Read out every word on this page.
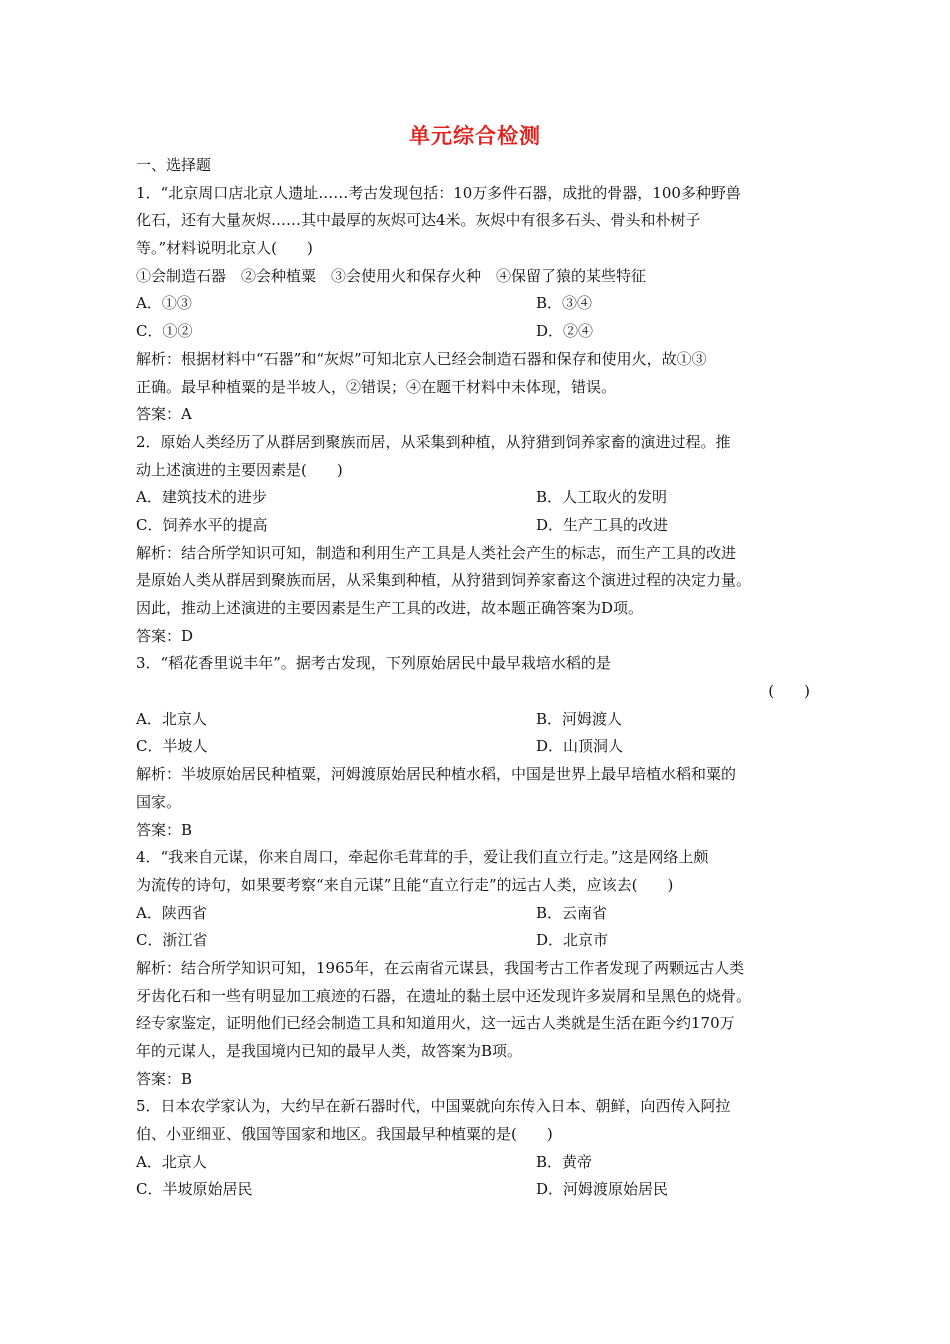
单元综合检测
一、选择题
1．“北京周口店北京人遗址……考古发现包括：10万多件石器，成批的骨器，100多种野兽
化石，还有大量灰烬……其中最厚的灰烬可达4米。灰烬中有很多石头、骨头和朴树子
等。”材料说明北京人(　　)
①会制造石器　②会种植粟　③会使用火和保存火种　④保留了猿的某些特征
A．①③	B．③④
C．①②	D．②④
解析：根据材料中“石器”和“灰烬”可知北京人已经会制造石器和保存和使用火，故①③
正确。最早种植粟的是半坡人，②错误；④在题干材料中未体现，错误。
答案：A
2．原始人类经历了从群居到聚族而居，从采集到种植，从狩猎到饲养家畜的演进过程。推
动上述演进的主要因素是(　　)
A．建筑技术的进步	B．人工取火的发明
C．饲养水平的提高	D．生产工具的改进
解析：结合所学知识可知，制造和利用生产工具是人类社会产生的标志，而生产工具的改进
是原始人类从群居到聚族而居，从采集到种植，从狩猎到饲养家畜这个演进过程的决定力量。
因此，推动上述演进的主要因素是生产工具的改进，故本题正确答案为D项。
答案：D
3．“稻花香里说丰年”。据考古发现，下列原始居民中最早栽培水稻的是
(　　)
A．北京人	B．河姆渡人
C．半坡人	D．山顶洞人
解析：半坡原始居民种植粟，河姆渡原始居民种植水稻，中国是世界上最早培植水稻和粟的
国家。
答案：B
4．“我来自元谋，你来自周口，牵起你毛茸茸的手，爱让我们直立行走。”这是网络上颇
为流传的诗句，如果要考察“来自元谋”且能“直立行走”的远古人类，应该去(　　)
A．陕西省	B．云南省
C．浙江省	D．北京市
解析：结合所学知识可知，1965年，在云南省元谋县，我国考古工作者发现了两颗远古人类
牙齿化石和一些有明显加工痕迹的石器，在遗址的黏土层中还发现许多炭屑和呈黑色的烧骨。
经专家鉴定，证明他们已经会制造工具和知道用火，这一远古人类就是生活在距今约170万
年的元谋人，是我国境内已知的最早人类，故答案为B项。
答案：B
5．日本农学家认为，大约早在新石器时代，中国粟就向东传入日本、朝鲜，向西传入阿拉
伯、小亚细亚、俄国等国家和地区。我国最早种植粟的是(　　)
A．北京人	B．黄帝
C．半坡原始居民	D．河姆渡原始居民
